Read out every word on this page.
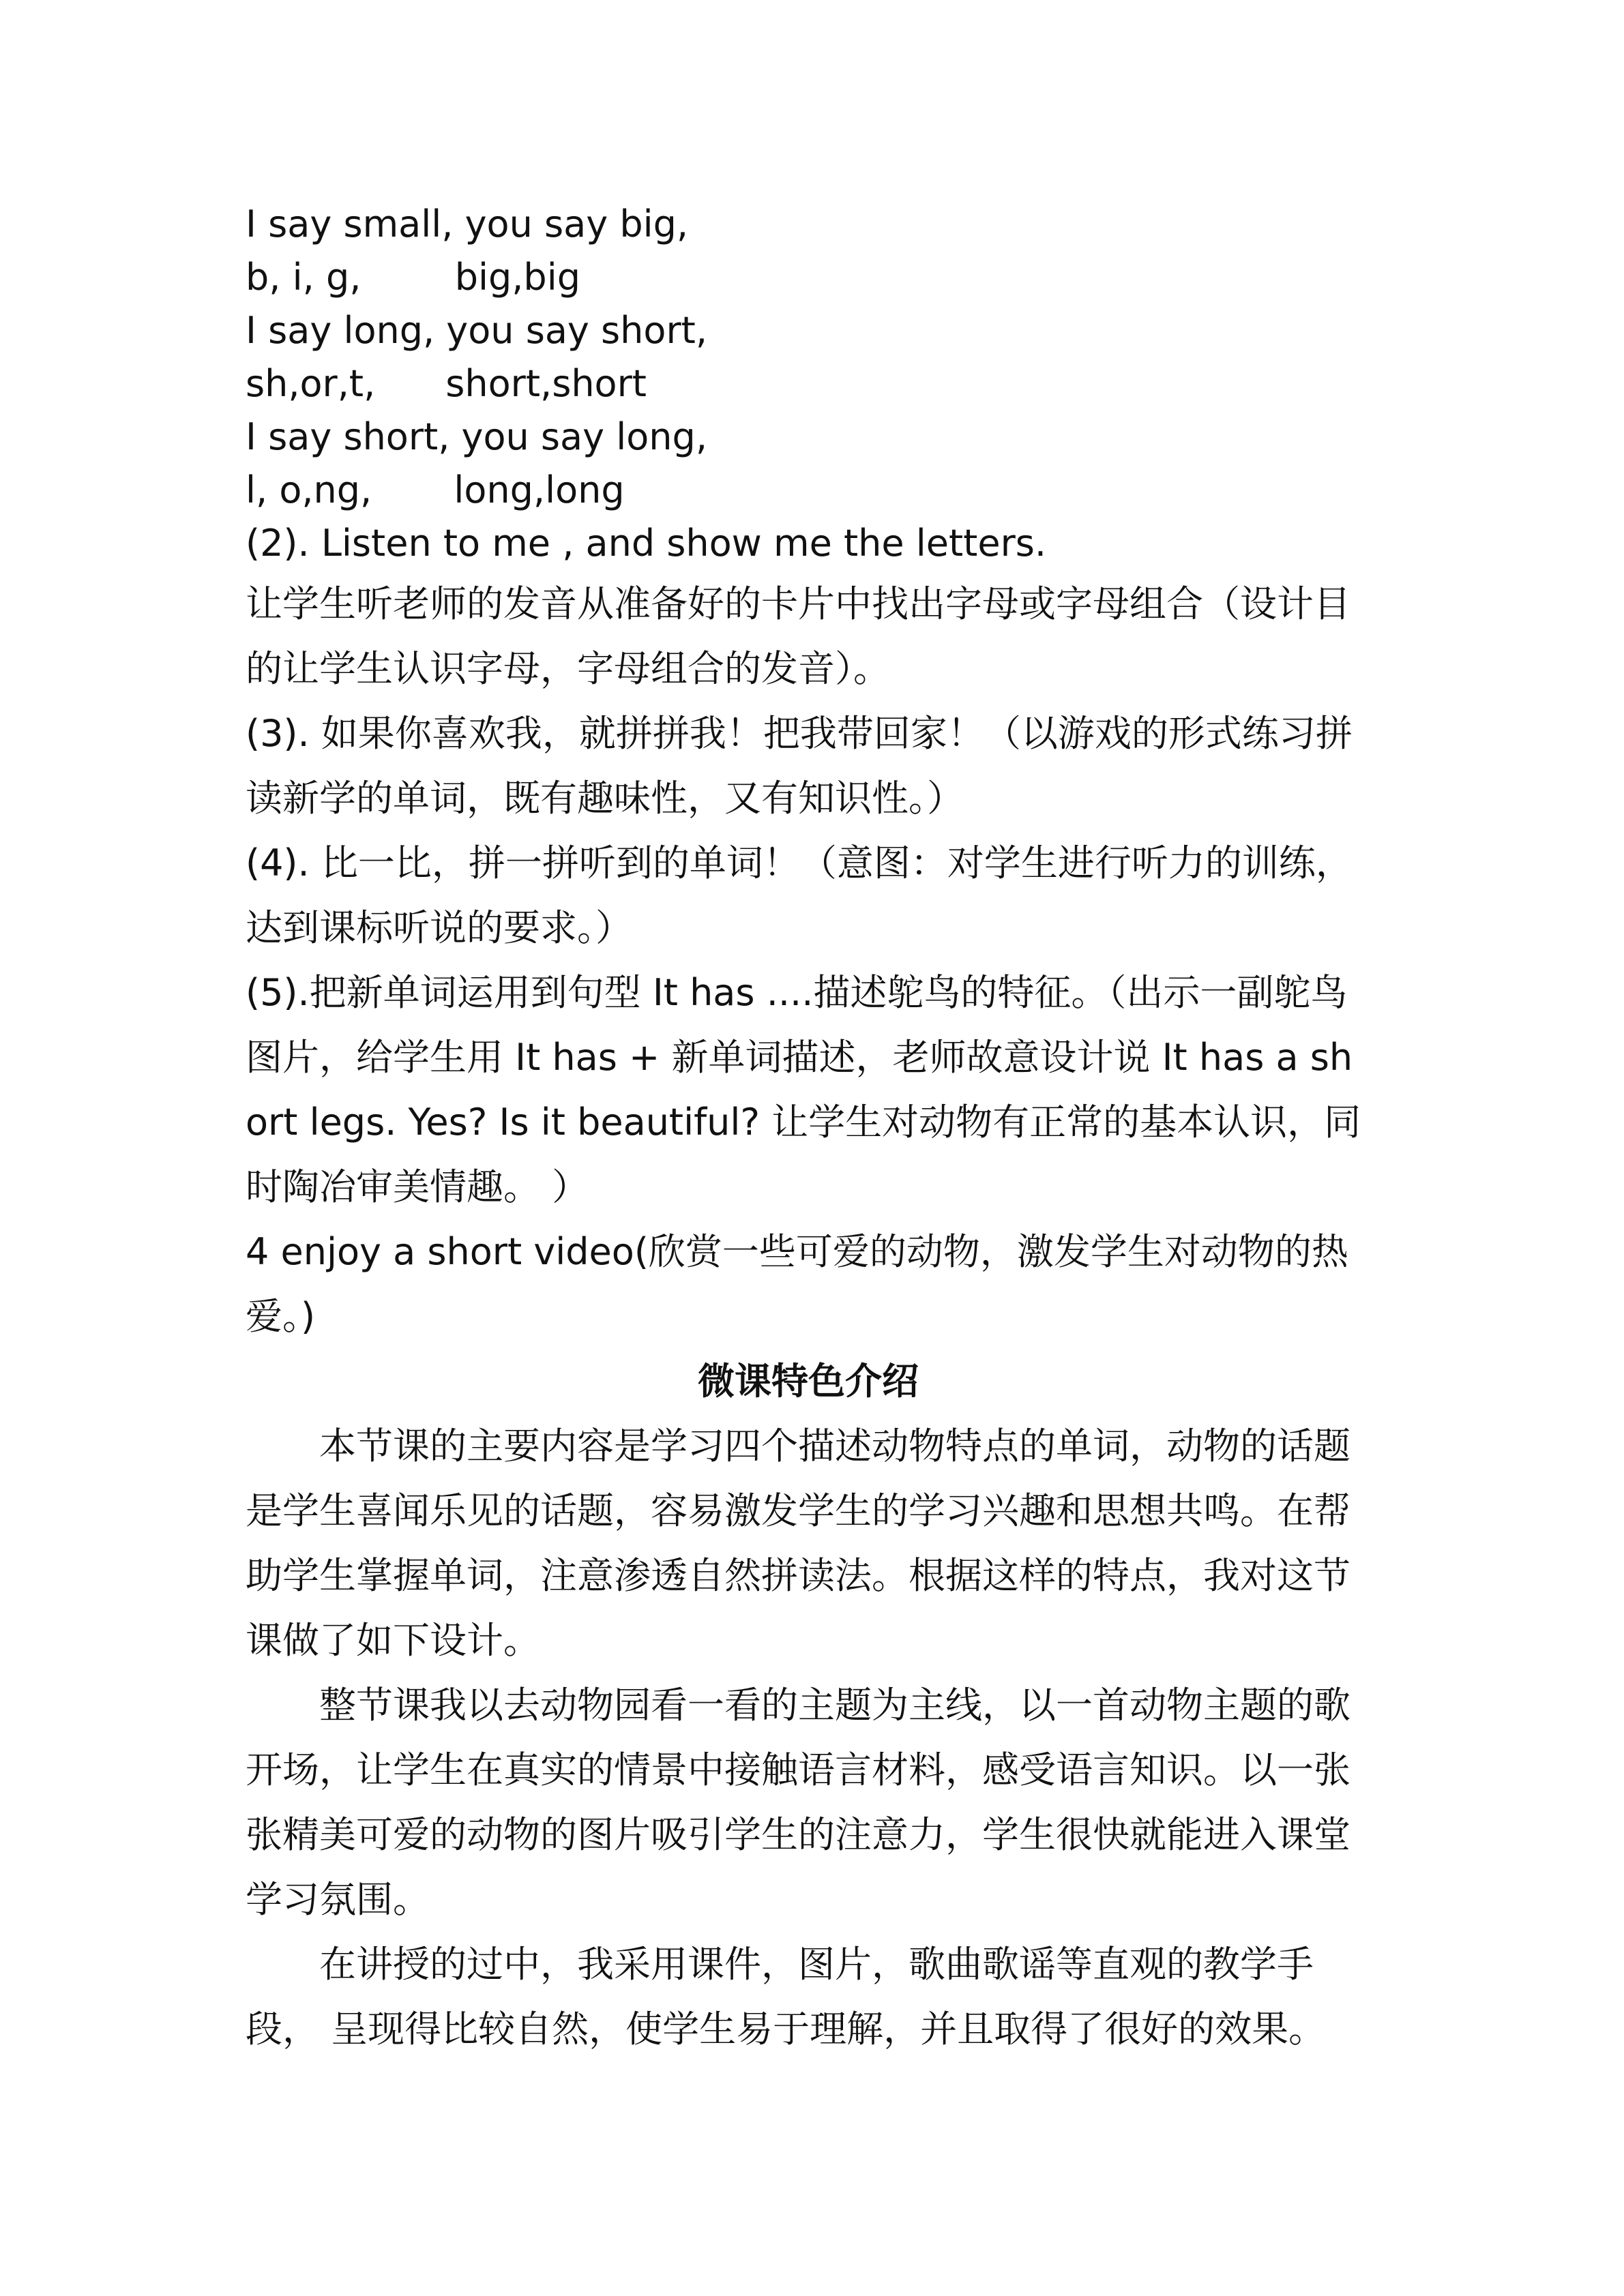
I say small, you say big,
b, i, g,        big,big
I say long, you say short,
sh,or,t,      short,short
I say short, you say long,
l, o,ng,       long,long
(2). Listen to me , and show me the letters.
让学生听老师的发音从准备好的卡片中找出字母或字母组合（设计目的让学生认识字母，字母组合的发音）。
(3). 如果你喜欢我，就拼拼我！把我带回家！（以游戏的形式练习拼读新学的单词，既有趣味性，又有知识性。）
(4). 比一比，拼一拼听到的单词！（意图：对学生进行听力的训练，达到课标听说的要求。）
(5).把新单词运用到句型 It has ....描述鸵鸟的特征。（出示一副鸵鸟图片，给学生用 It has + 新单词描述，老师故意设计说 It has a short legs. Yes? Is it beautiful? 让学生对动物有正常的基本认识，同时陶冶审美情趣。 ）
4 enjoy a short video(欣赏一些可爱的动物，激发学生对动物的热爱。)
微课特色介绍
本节课的主要内容是学习四个描述动物特点的单词，动物的话题是学生喜闻乐见的话题，容易激发学生的学习兴趣和思想共鸣。在帮助学生掌握单词，注意渗透自然拼读法。根据这样的特点，我对这节课做了如下设计。
整节课我以去动物园看一看的主题为主线，以一首动物主题的歌开场，让学生在真实的情景中接触语言材料，感受语言知识。以一张张精美可爱的动物的图片吸引学生的注意力，学生很快就能进入课堂学习氛围。
在讲授的过中，我采用课件，图片，歌曲歌谣等直观的教学手段， 呈现得比较自然，使学生易于理解，并且取得了很好的效果。
